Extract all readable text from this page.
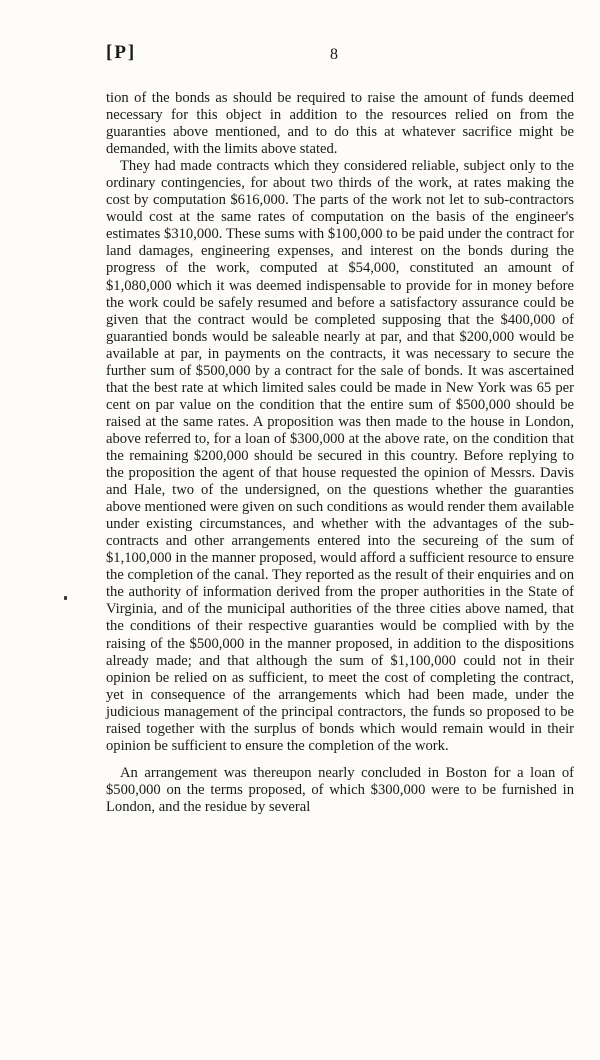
[P]	8

tion of the bonds as should be required to raise the amount of funds deemed necessary for this object in addition to the resources relied on from the guaranties above mentioned, and to do this at whatever sacrifice might be demanded, with the limits above stated.

They had made contracts which they considered reliable, subject only to the ordinary contingencies, for about two thirds of the work, at rates making the cost by computation $616,000. The parts of the work not let to sub-contractors would cost at the same rates of computation on the basis of the engineer's estimates $310,000. These sums with $100,000 to be paid under the contract for land damages, engineering expenses, and interest on the bonds during the progress of the work, computed at $54,000, constituted an amount of $1,080,000 which it was deemed indispensable to provide for in money before the work could be safely resumed and before a satisfactory assurance could be given that the contract would be completed supposing that the $400,000 of guarantied bonds would be saleable nearly at par, and that $200,000 would be available at par, in payments on the contracts, it was necessary to secure the further sum of $500,000 by a contract for the sale of bonds. It was ascertained that the best rate at which limited sales could be made in New York was 65 per cent on par value on the condition that the entire sum of $500,000 should be raised at the same rates. A proposition was then made to the house in London, above referred to, for a loan of $300,000 at the above rate, on the condition that the remaining $200,000 should be secured in this country. Before replying to the proposition the agent of that house requested the opinion of Messrs. Davis and Hale, two of the undersigned, on the questions whether the guaranties above mentioned were given on such conditions as would render them available under existing circumstances, and whether with the advantages of the sub-contracts and other arrangements entered into the secureing of the sum of $1,100,000 in the manner proposed, would afford a sufficient resource to ensure the completion of the canal. They reported as the result of their enquiries and on the authority of information derived from the proper authorities in the State of Virginia, and of the municipal authorities of the three cities above named, that the conditions of their respective guaranties would be complied with by the raising of the $500,000 in the manner proposed, in addition to the dispositions already made; and that although the sum of $1,100,000 could not in their opinion be relied on as sufficient, to meet the cost of completing the contract, yet in consequence of the arrangements which had been made, under the judicious management of the principal contractors, the funds so proposed to be raised together with the surplus of bonds which would remain would in their opinion be sufficient to ensure the completion of the work.

An arrangement was thereupon nearly concluded in Boston for a loan of $500,000 on the terms proposed, of which $300,000 were to be furnished in London, and the residue by several
